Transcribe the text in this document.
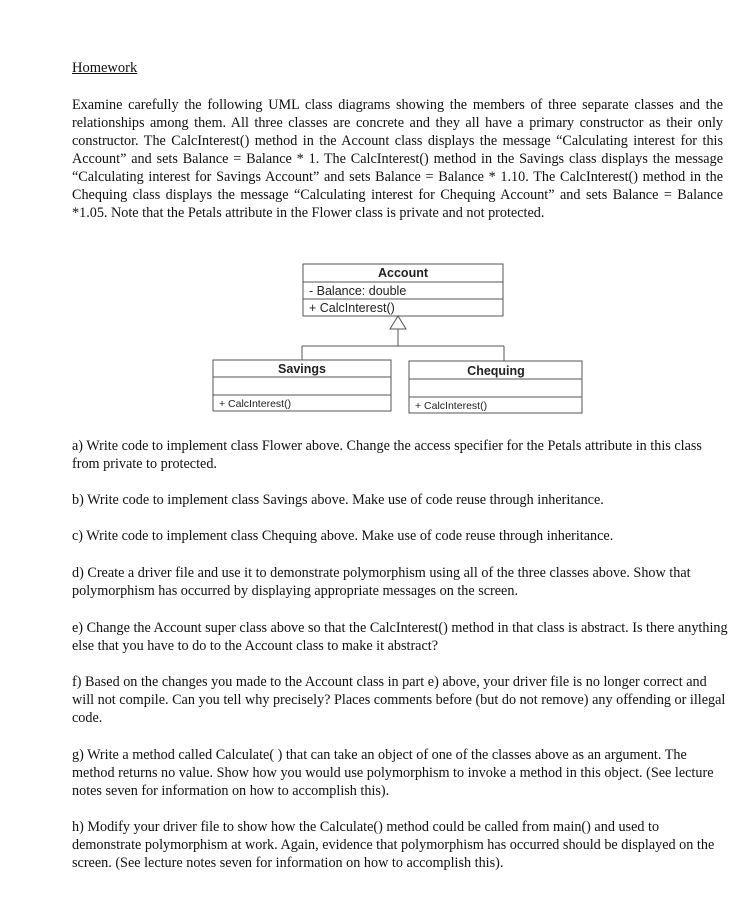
Homework

Examine carefully the following UML class diagrams showing the members of three separate classes and the relationships among them. All three classes are concrete and they all have a primary constructor as their only constructor. The CalcInterest() method in the Account class displays the message “Calculating interest for this Account” and sets Balance = Balance * 1. The CalcInterest() method in the Savings class displays the message “Calculating interest for Savings Account” and sets Balance = Balance * 1.10. The CalcInterest() method in the Chequing class displays the message “Calculating interest for Chequing Account” and sets Balance = Balance *1.05. Note that the Petals attribute in the Flower class is private and not protected.

Account
- Balance: double
+ CalcInterest()
Savings
+ CalcInterest()
Chequing
+ CalcInterest()

a) Write code to implement class Flower above. Change the access specifier for the Petals attribute in this class from private to protected.

b) Write code to implement class Savings above. Make use of code reuse through inheritance.

c) Write code to implement class Chequing above. Make use of code reuse through inheritance.

d) Create a driver file and use it to demonstrate polymorphism using all of the three classes above. Show that polymorphism has occurred by displaying appropriate messages on the screen.

e) Change the Account super class above so that the CalcInterest() method in that class is abstract. Is there anything else that you have to do to the Account class to make it abstract?

f) Based on the changes you made to the Account class in part e) above, your driver file is no longer correct and will not compile. Can you tell why precisely? Places comments before (but do not remove) any offending or illegal code.

g) Write a method called Calculate( ) that can take an object of one of the classes above as an argument. The method returns no value. Show how you would use polymorphism to invoke a method in this object. (See lecture notes seven for information on how to accomplish this).

h) Modify your driver file to show how the Calculate() method could be called from main() and used to demonstrate polymorphism at work. Again, evidence that polymorphism has occurred should be displayed on the screen. (See lecture notes seven for information on how to accomplish this).
